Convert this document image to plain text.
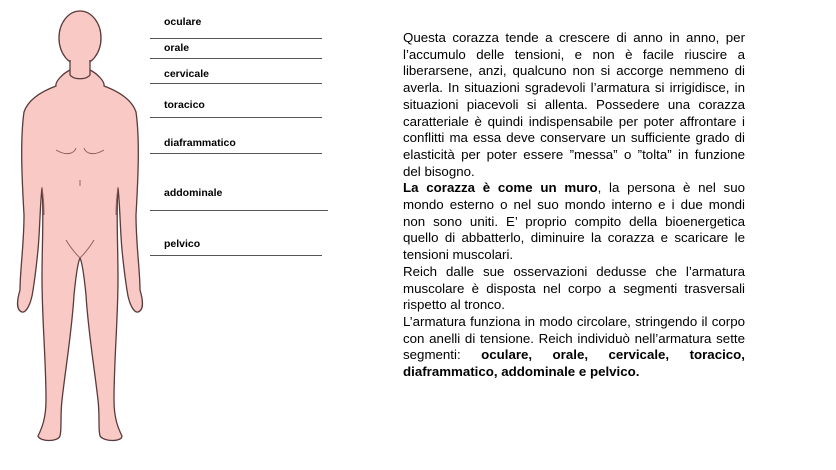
oculare
orale
cervicale
toracico
diaframmatico
addominale
pelvico

Questa corazza tende a crescere di anno in anno, per l’accumulo delle tensioni, e non è facile riuscire a liberarsene, anzi, qualcuno non si accorge nemmeno di averla. In situazioni sgradevoli l’armatura si irrigidisce, in situazioni piacevoli si allenta. Possedere una corazza caratteriale è quindi indispensabile per poter affrontare i conflitti ma essa deve conservare un sufficiente grado di elasticità per poter essere ”messa” o ”tolta” in funzione del bisogno.

La corazza è come un muro, la persona è nel suo mondo esterno o nel suo mondo interno e i due mondi non sono uniti. E’ proprio compito della bioenergetica quello di abbatterlo, diminuire la corazza e scaricare le tensioni muscolari.

Reich dalle sue osservazioni dedusse che l’armatura muscolare è disposta nel corpo a segmenti trasversali rispetto al tronco.

L’armatura funziona in modo circolare, stringendo il corpo con anelli di tensione. Reich individuò nell’armatura sette segmenti: oculare, orale, cervicale, toracico, diaframmatico, addominale e pelvico.
